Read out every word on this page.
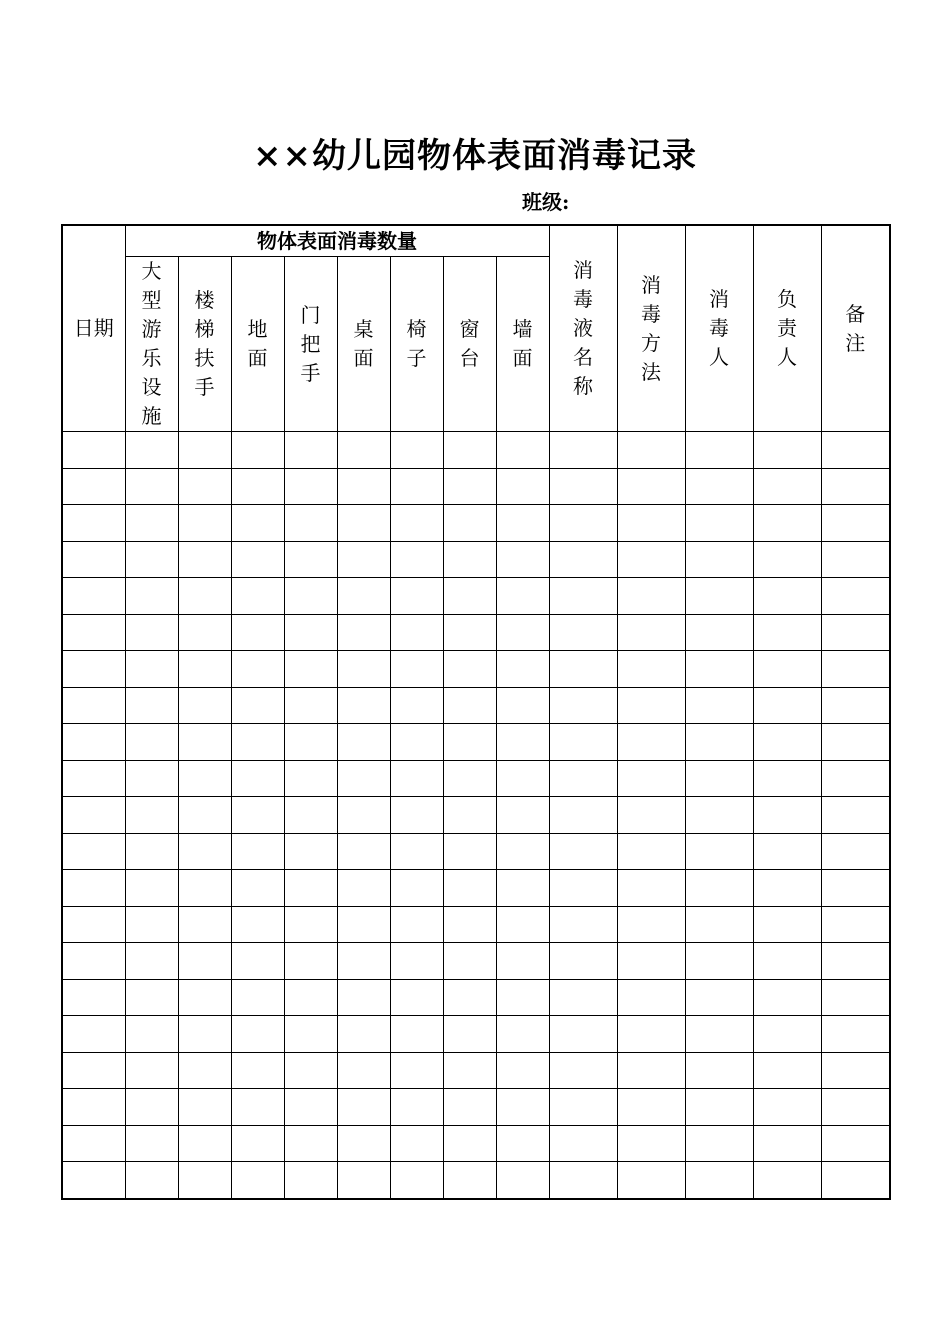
××幼儿园物体表面消毒记录
班级:
日期	物体表面消毒数量								消毒液名称	消毒方法	消毒人	负责人	备注
	大型游乐设施	楼梯扶手	地面	门把手	桌面	椅子	窗台	墙面					
